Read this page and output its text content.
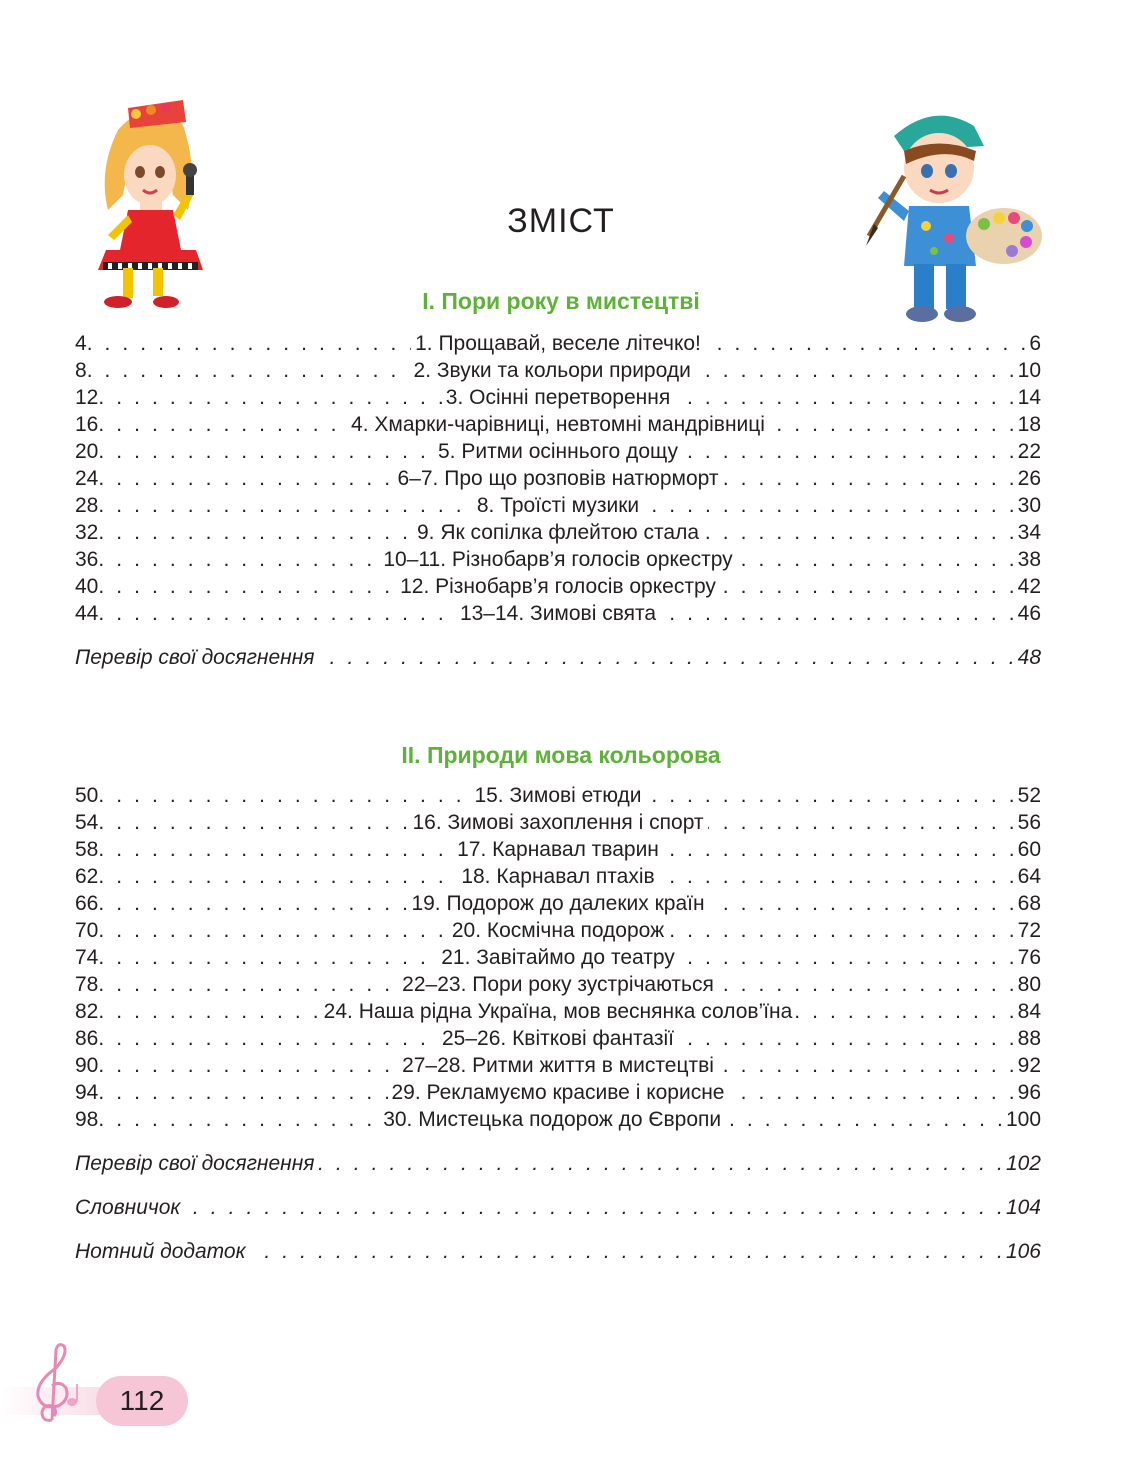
ЗМІСТ
І. Пори року в мистецтві
4 . . .	1. Прощавай, веселе літечко! . . .	6
8 . . .	2. Звуки та кольори природи . . .	10
12 . . .	3. Осінні перетворення . . .	14
16 . . .	4. Хмарки-чарівниці, невтомні мандрівниці . . .	18
20 . . .	5. Ритми осіннього дощу . . .	22
24 . . .	6–7. Про що розповів натюрморт . . .	26
28 . . .	8. Троїсті музики . . .	30
32 . . .	9. Як сопілка флейтою стала . . .	34
36 . . .	10–11. Різнобарв’я голосів оркестру . . .	38
40 . . .	12. Різнобарв’я голосів оркестру . . .	42
44 . . .	13–14. Зимові свята . . .	46
Перевір свої досягнення . . .	48
ІІ. Природи мова кольорова
50 . . .	15. Зимові етюди . . .	52
54 . . .	16. Зимові захоплення і спорт . . .	56
58 . . .	17. Карнавал тварин . . .	60
62 . . .	18. Карнавал птахів . . .	64
66 . . .	19. Подорож до далеких країн . . .	68
70 . . .	20. Космічна подорож . . .	72
74 . . .	21. Завітаймо до театру . . .	76
78 . . .	22–23. Пори року зустрічаються . . .	80
82 . . .	24. Наша рідна Україна, мов веснянка солов’їна . . .	84
86 . . .	25–26. Квіткові фантазії . . .	88
90 . . .	27–28. Ритми життя в мистецтві . . .	92
94 . . .	29. Рекламуємо красиве і корисне . . .	96
98 . . .	30. Мистецька подорож до Європи . . .	100
Перевір свої досягнення . . .	102
Словничок . . .	104
Нотний додаток . . .	106
112
